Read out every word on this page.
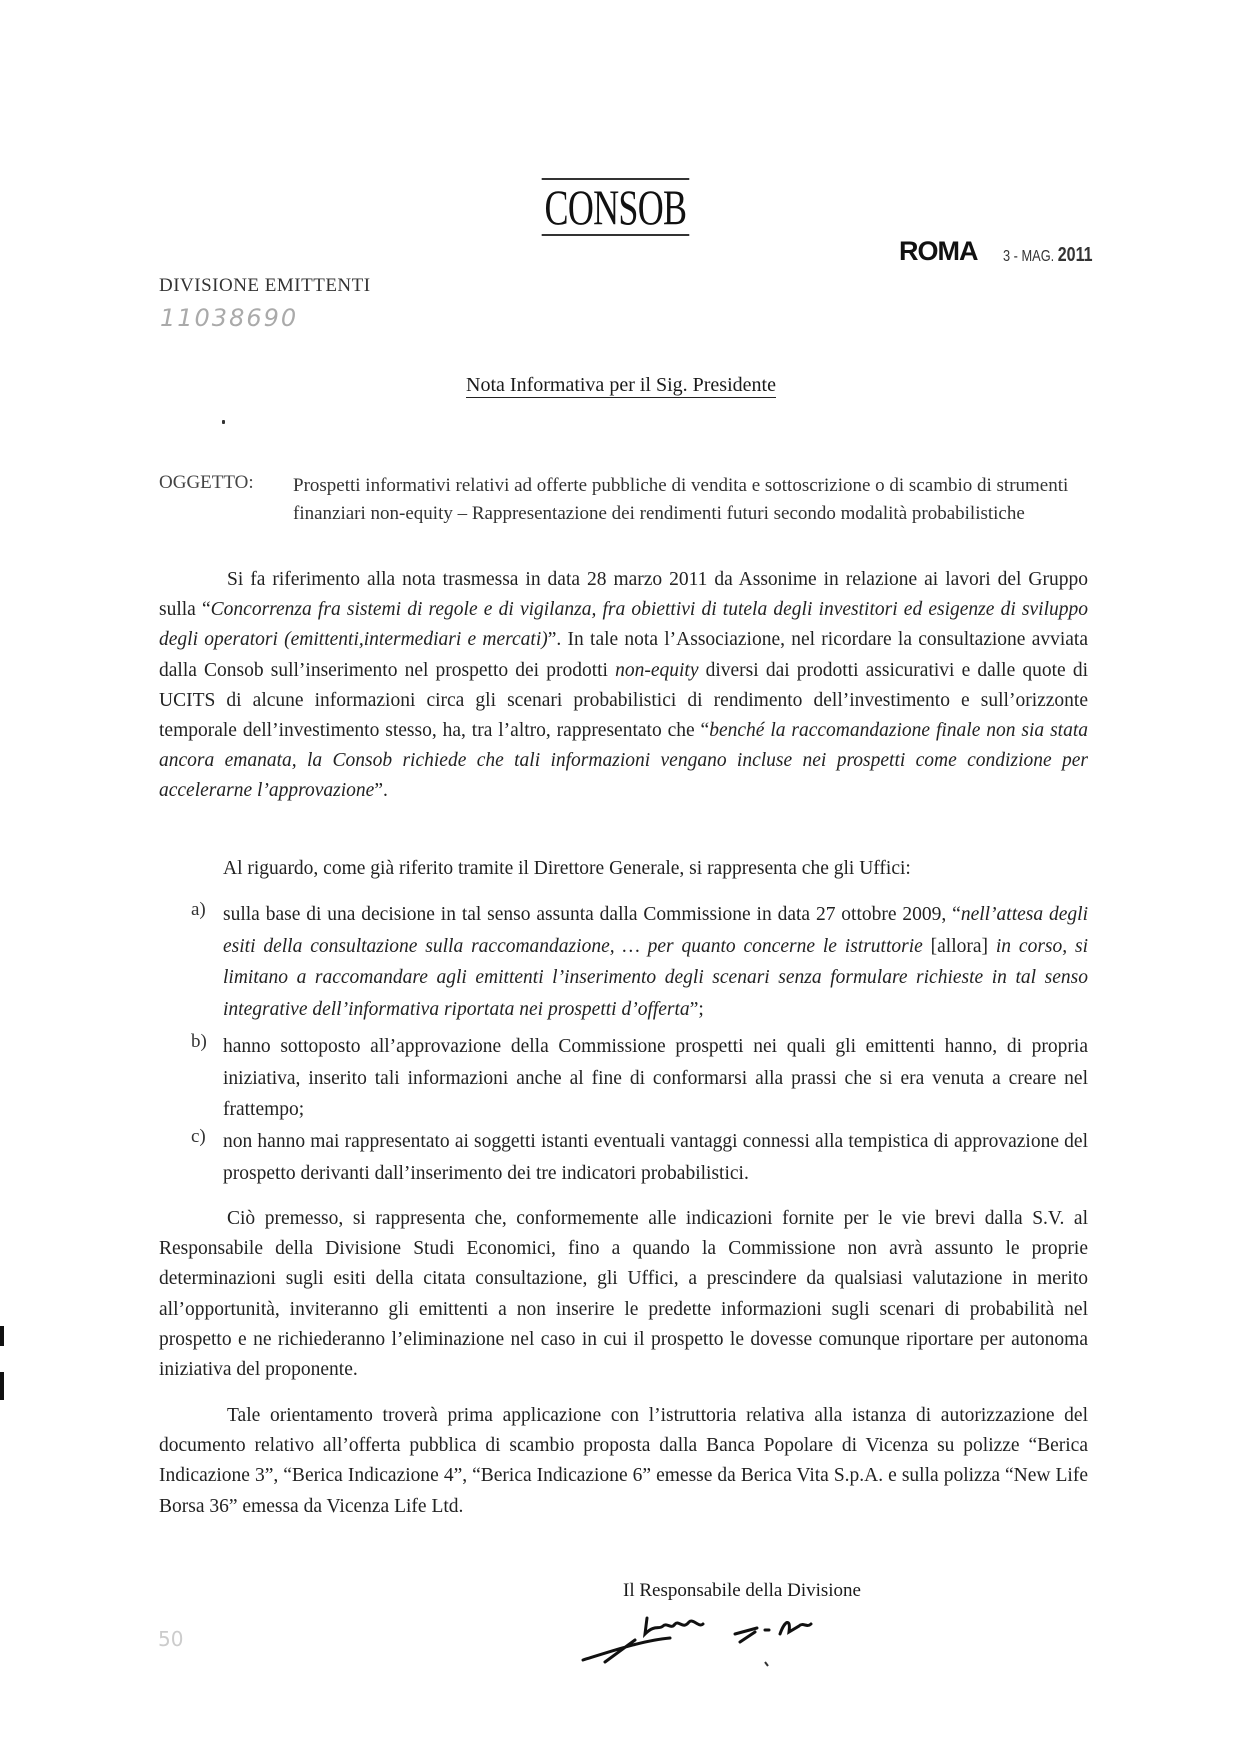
CONSOB
ROMA 3 - MAG. 2011
DIVISIONE EMITTENTI
11038690
Nota Informativa per il Sig. Presidente
OGGETTO: Prospetti informativi relativi ad offerte pubbliche di vendita e sottoscrizione o di scambio di strumenti finanziari non-equity – Rappresentazione dei rendimenti futuri secondo modalità probabilistiche
Si fa riferimento alla nota trasmessa in data 28 marzo 2011 da Assonime in relazione ai lavori del Gruppo sulla “Concorrenza fra sistemi di regole e di vigilanza, fra obiettivi di tutela degli investitori ed esigenze di sviluppo degli operatori (emittenti,intermediari e mercati)”. In tale nota l’Associazione, nel ricordare la consultazione avviata dalla Consob sull’inserimento nel prospetto dei prodotti non-equity diversi dai prodotti assicurativi e dalle quote di UCITS di alcune informazioni circa gli scenari probabilistici di rendimento dell’investimento e sull’orizzonte temporale dell’investimento stesso, ha, tra l’altro, rappresentato che “benché la raccomandazione finale non sia stata ancora emanata, la Consob richiede che tali informazioni vengano incluse nei prospetti come condizione per accelerarne l’approvazione”.
Al riguardo, come già riferito tramite il Direttore Generale, si rappresenta che gli Uffici:
a) sulla base di una decisione in tal senso assunta dalla Commissione in data 27 ottobre 2009, “nell’attesa degli esiti della consultazione sulla raccomandazione, … per quanto concerne le istruttorie [allora] in corso, si limitano a raccomandare agli emittenti l’inserimento degli scenari senza formulare richieste in tal senso integrative dell’informativa riportata nei prospetti d’offerta”;
b) hanno sottoposto all’approvazione della Commissione prospetti nei quali gli emittenti hanno, di propria iniziativa, inserito tali informazioni anche al fine di conformarsi alla prassi che si era venuta a creare nel frattempo;
c) non hanno mai rappresentato ai soggetti istanti eventuali vantaggi connessi alla tempistica di approvazione del prospetto derivanti dall’inserimento dei tre indicatori probabilistici.
Ciò premesso, si rappresenta che, conformemente alle indicazioni fornite per le vie brevi dalla S.V. al Responsabile della Divisione Studi Economici, fino a quando la Commissione non avrà assunto le proprie determinazioni sugli esiti della citata consultazione, gli Uffici, a prescindere da qualsiasi valutazione in merito all’opportunità, inviteranno gli emittenti a non inserire le predette informazioni sugli scenari di probabilità nel prospetto e ne richiederanno l’eliminazione nel caso in cui il prospetto le dovesse comunque riportare per autonoma iniziativa del proponente.
Tale orientamento troverà prima applicazione con l’istruttoria relativa alla istanza di autorizzazione del documento relativo all’offerta pubblica di scambio proposta dalla Banca Popolare di Vicenza su polizze “Berica Indicazione 3”, “Berica Indicazione 4”, “Berica Indicazione 6” emesse da Berica Vita S.p.A. e sulla polizza “New Life Borsa 36” emessa da Vicenza Life Ltd.
Il Responsabile della Divisione
50
